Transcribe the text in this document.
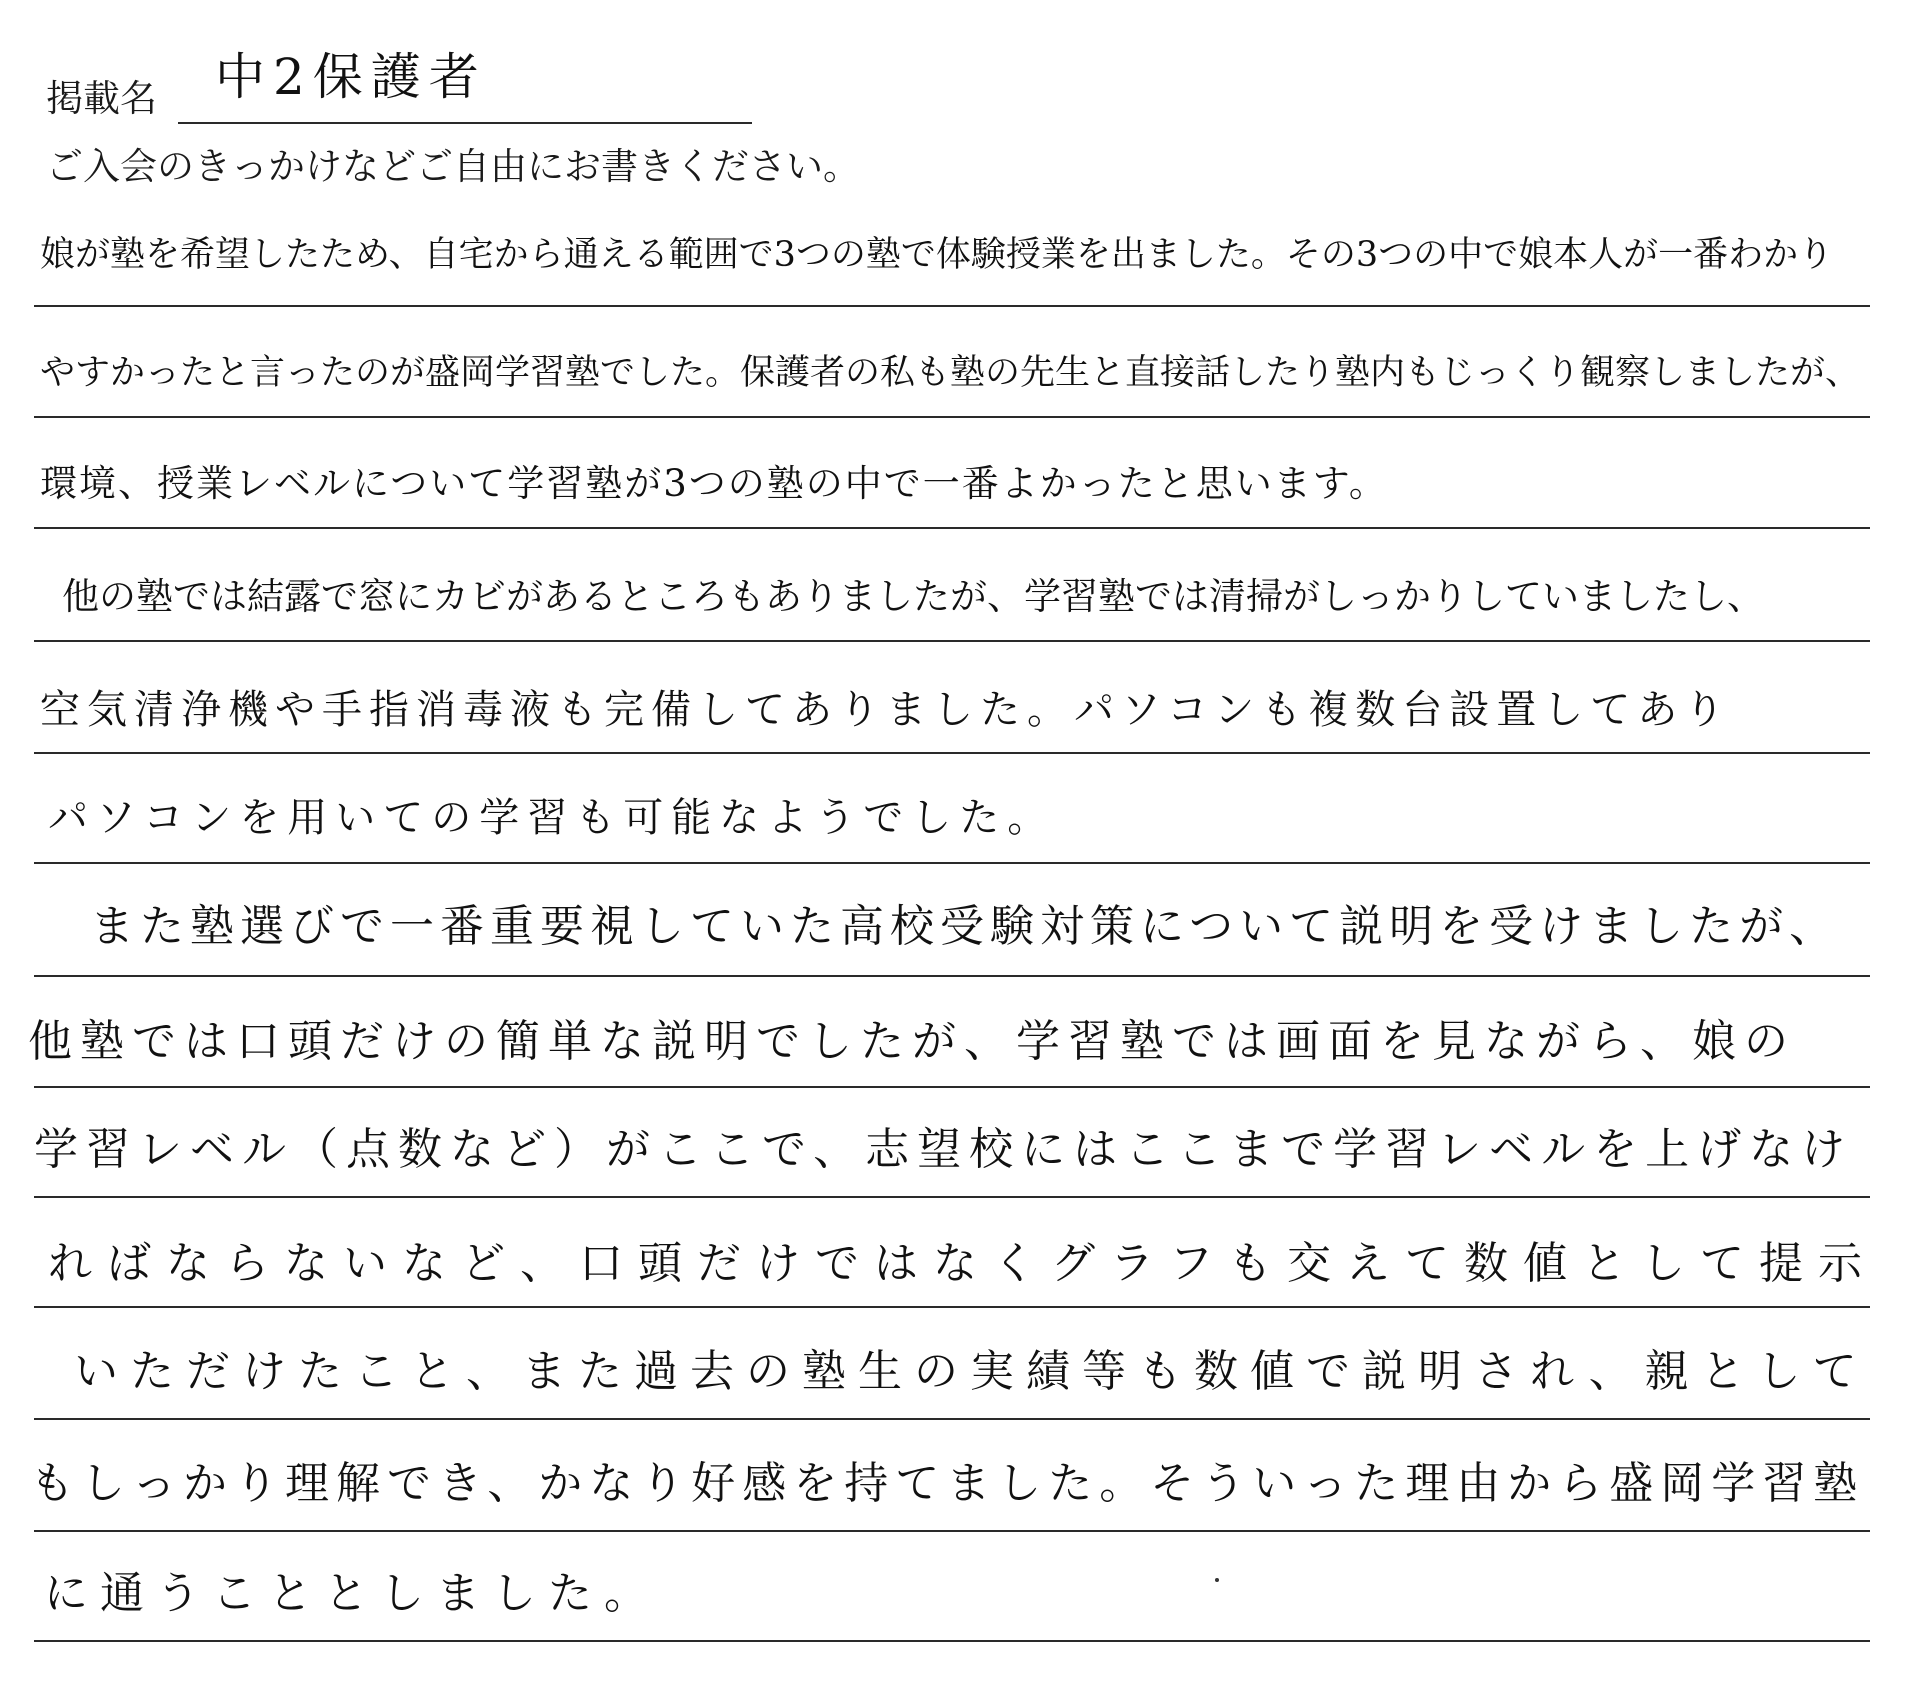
掲載名 中2保護者
ご入会のきっかけなどご自由にお書きください。
娘が塾を希望したため、自宅から通える範囲で3つの塾で体験授業を出ました。その3つの中で娘本人が一番わかり
やすかったと言ったのが盛岡学習塾でした。保護者の私も塾の先生と直接話したり塾内もじっくり観察しましたが、
環境、授業レベルについて学習塾が3つの塾の中で一番よかったと思います。
他の塾では結露で窓にカビがあるところもありましたが、学習塾では清掃がしっかりしていましたし、
空気清浄機や手指消毒液も完備してありました。パソコンも複数台設置してあり
パソコンを用いての学習も可能なようでした。
また塾選びで一番重要視していた高校受験対策について説明を受けましたが、
他塾では口頭だけの簡単な説明でしたが、学習塾では画面を見ながら、娘の
学習レベル（点数など）がここで、志望校にはここまで学習レベルを上げなけ
ればならないなど、口頭だけではなくグラフも交えて数値として提示
いただけたこと、また過去の塾生の実績等も数値で説明され、親として
もしっかり理解でき、かなり好感を持てました。そういった理由から盛岡学習塾
に通うこととしました。
